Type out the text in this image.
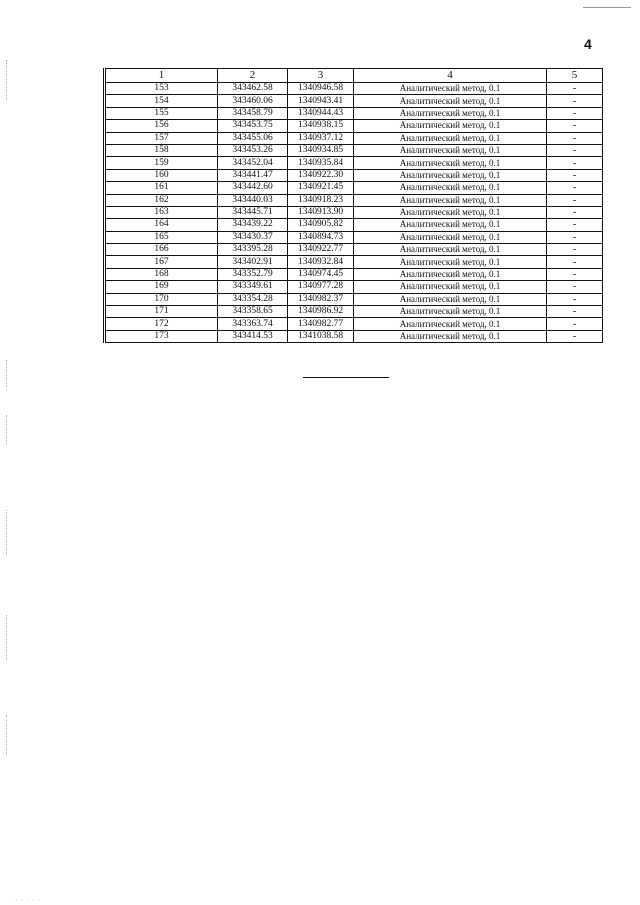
4
1	2	3	4	5
153	343462.58	1340946.58	Аналитический метод, 0.1	-
154	343460.06	1340943.41	Аналитический метод, 0.1	-
155	343458.79	1340944.43	Аналитический метод, 0.1	-
156	343453.75	1340938.15	Аналитический метод, 0.1	-
157	343455.06	1340937.12	Аналитический метод, 0.1	-
158	343453.26	1340934.85	Аналитический метод, 0.1	-
159	343452.04	1340935.84	Аналитический метод, 0.1	-
160	343441.47	1340922.30	Аналитический метод, 0.1	-
161	343442.60	1340921.45	Аналитический метод, 0.1	-
162	343440.03	1340918.23	Аналитический метод, 0.1	-
163	343445.71	1340913.90	Аналитический метод, 0.1	-
164	343439.22	1340905.82	Аналитический метод, 0.1	-
165	343430.37	1340894.73	Аналитический метод, 0.1	-
166	343395.28	1340922.77	Аналитический метод, 0.1	-
167	343402.91	1340932.84	Аналитический метод, 0.1	-
168	343352.79	1340974.45	Аналитический метод, 0.1	-
169	343349.61	1340977.28	Аналитический метод, 0.1	-
170	343354.28	1340982.37	Аналитический метод, 0.1	-
171	343358.65	1340986.92	Аналитический метод, 0.1	-
172	343363.74	1340982.77	Аналитический метод, 0.1	-
173	343414.53	1341038.58	Аналитический метод, 0.1	-
· · · · · ·
